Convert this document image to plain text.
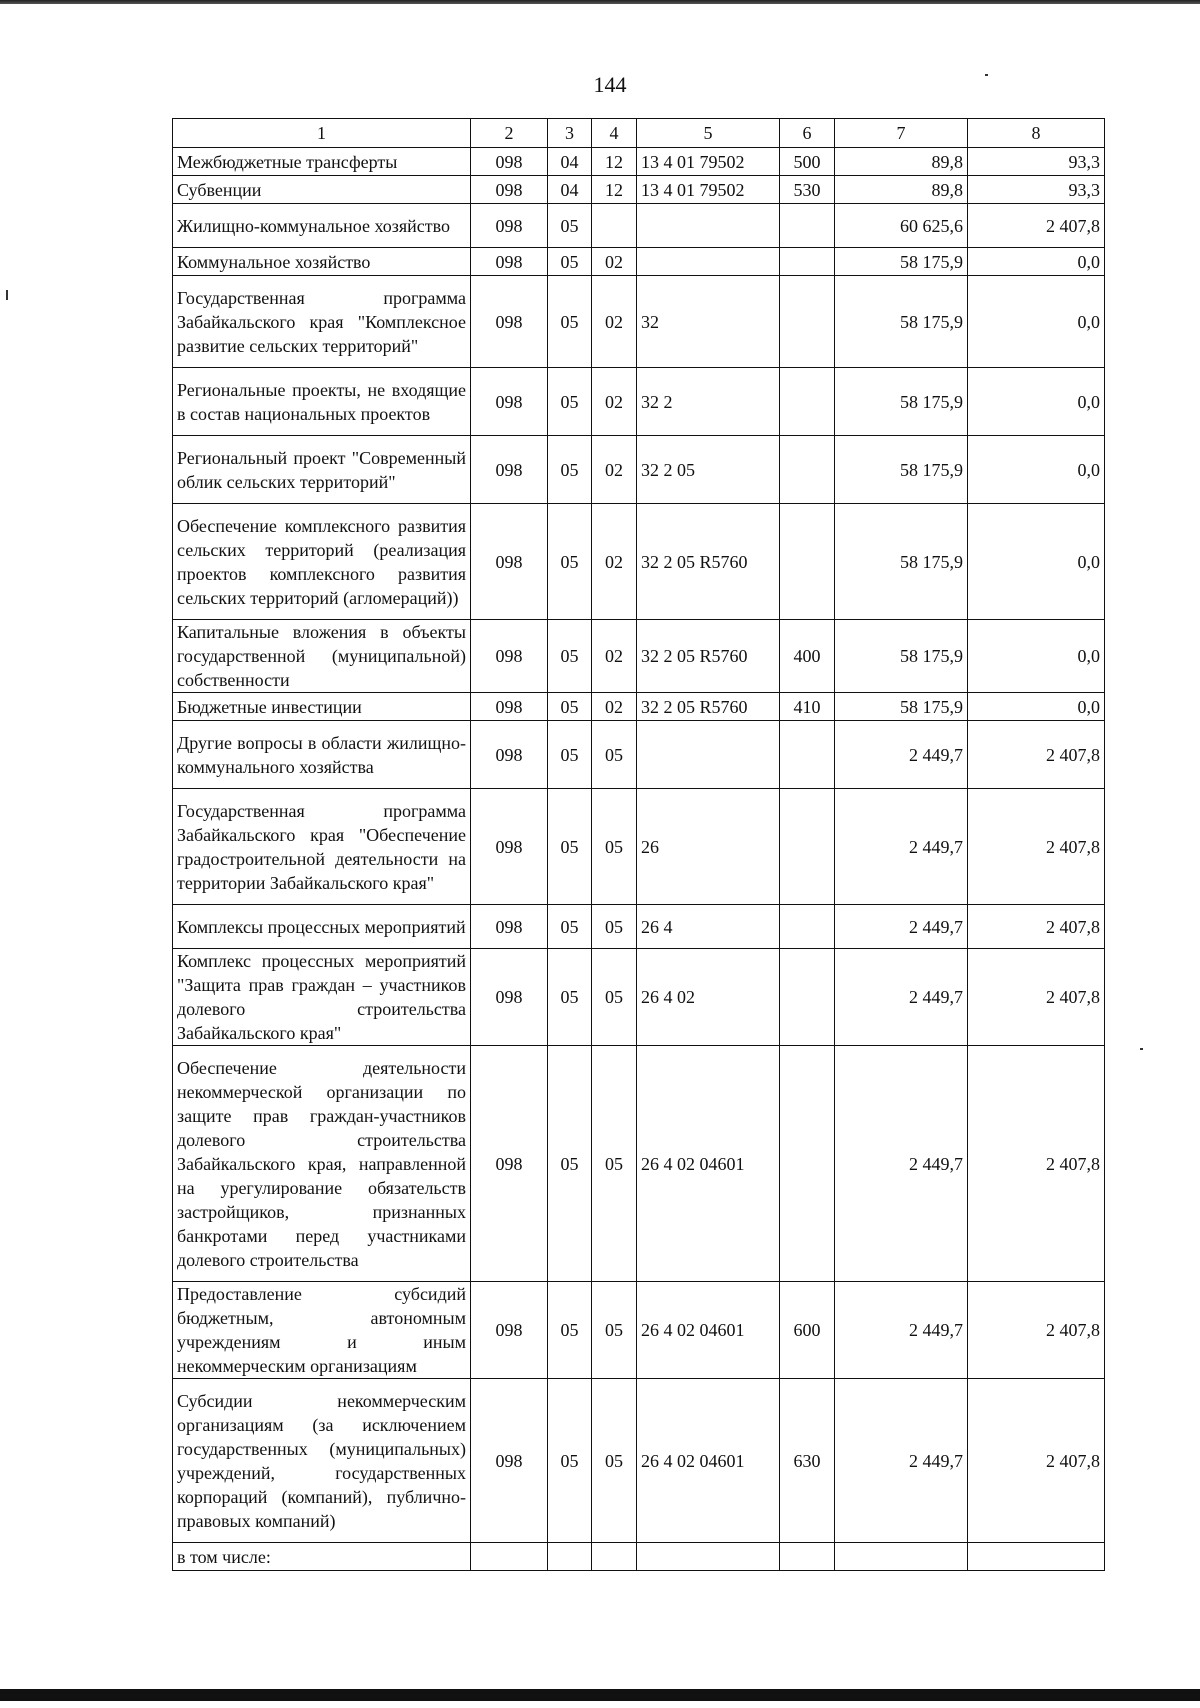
144
1	2	3	4	5	6	7	8
Межбюджетные трансферты	098	04	12	13 4 01 79502	500	89,8	93,3
Субвенции	098	04	12	13 4 01 79502	530	89,8	93,3
Жилищно-коммунальное хозяйство	098	05				60 625,6	2 407,8
Коммунальное хозяйство	098	05	02			58 175,9	0,0
Государственная программа Забайкальского края "Комплексное развитие сельских территорий"	098	05	02	32		58 175,9	0,0
Региональные проекты, не входящие в состав национальных проектов	098	05	02	32 2		58 175,9	0,0
Региональный проект "Современный облик сельских территорий"	098	05	02	32 2 05		58 175,9	0,0
Обеспечение комплексного развития сельских территорий (реализация проектов комплексного развития сельских территорий (агломераций))	098	05	02	32 2 05 R5760		58 175,9	0,0
Капитальные вложения в объекты государственной (муниципальной) собственности	098	05	02	32 2 05 R5760	400	58 175,9	0,0
Бюджетные инвестиции	098	05	02	32 2 05 R5760	410	58 175,9	0,0
Другие вопросы в области жилищно-коммунального хозяйства	098	05	05			2 449,7	2 407,8
Государственная программа Забайкальского края "Обеспечение градостроительной деятельности на территории Забайкальского края"	098	05	05	26		2 449,7	2 407,8
Комплексы процессных мероприятий	098	05	05	26 4		2 449,7	2 407,8
Комплекс процессных мероприятий "Защита прав граждан – участников долевого строительства Забайкальского края"	098	05	05	26 4 02		2 449,7	2 407,8
Обеспечение деятельности некоммерческой организации по защите прав граждан-участников долевого строительства Забайкальского края, направленной на урегулирование обязательств застройщиков, признанных банкротами перед участниками долевого строительства	098	05	05	26 4 02 04601		2 449,7	2 407,8
Предоставление субсидий бюджетным, автономным учреждениям и иным некоммерческим организациям	098	05	05	26 4 02 04601	600	2 449,7	2 407,8
Субсидии некоммерческим организациям (за исключением государственных (муниципальных) учреждений, государственных корпораций (компаний), публично-правовых компаний)	098	05	05	26 4 02 04601	630	2 449,7	2 407,8
в том числе:							
